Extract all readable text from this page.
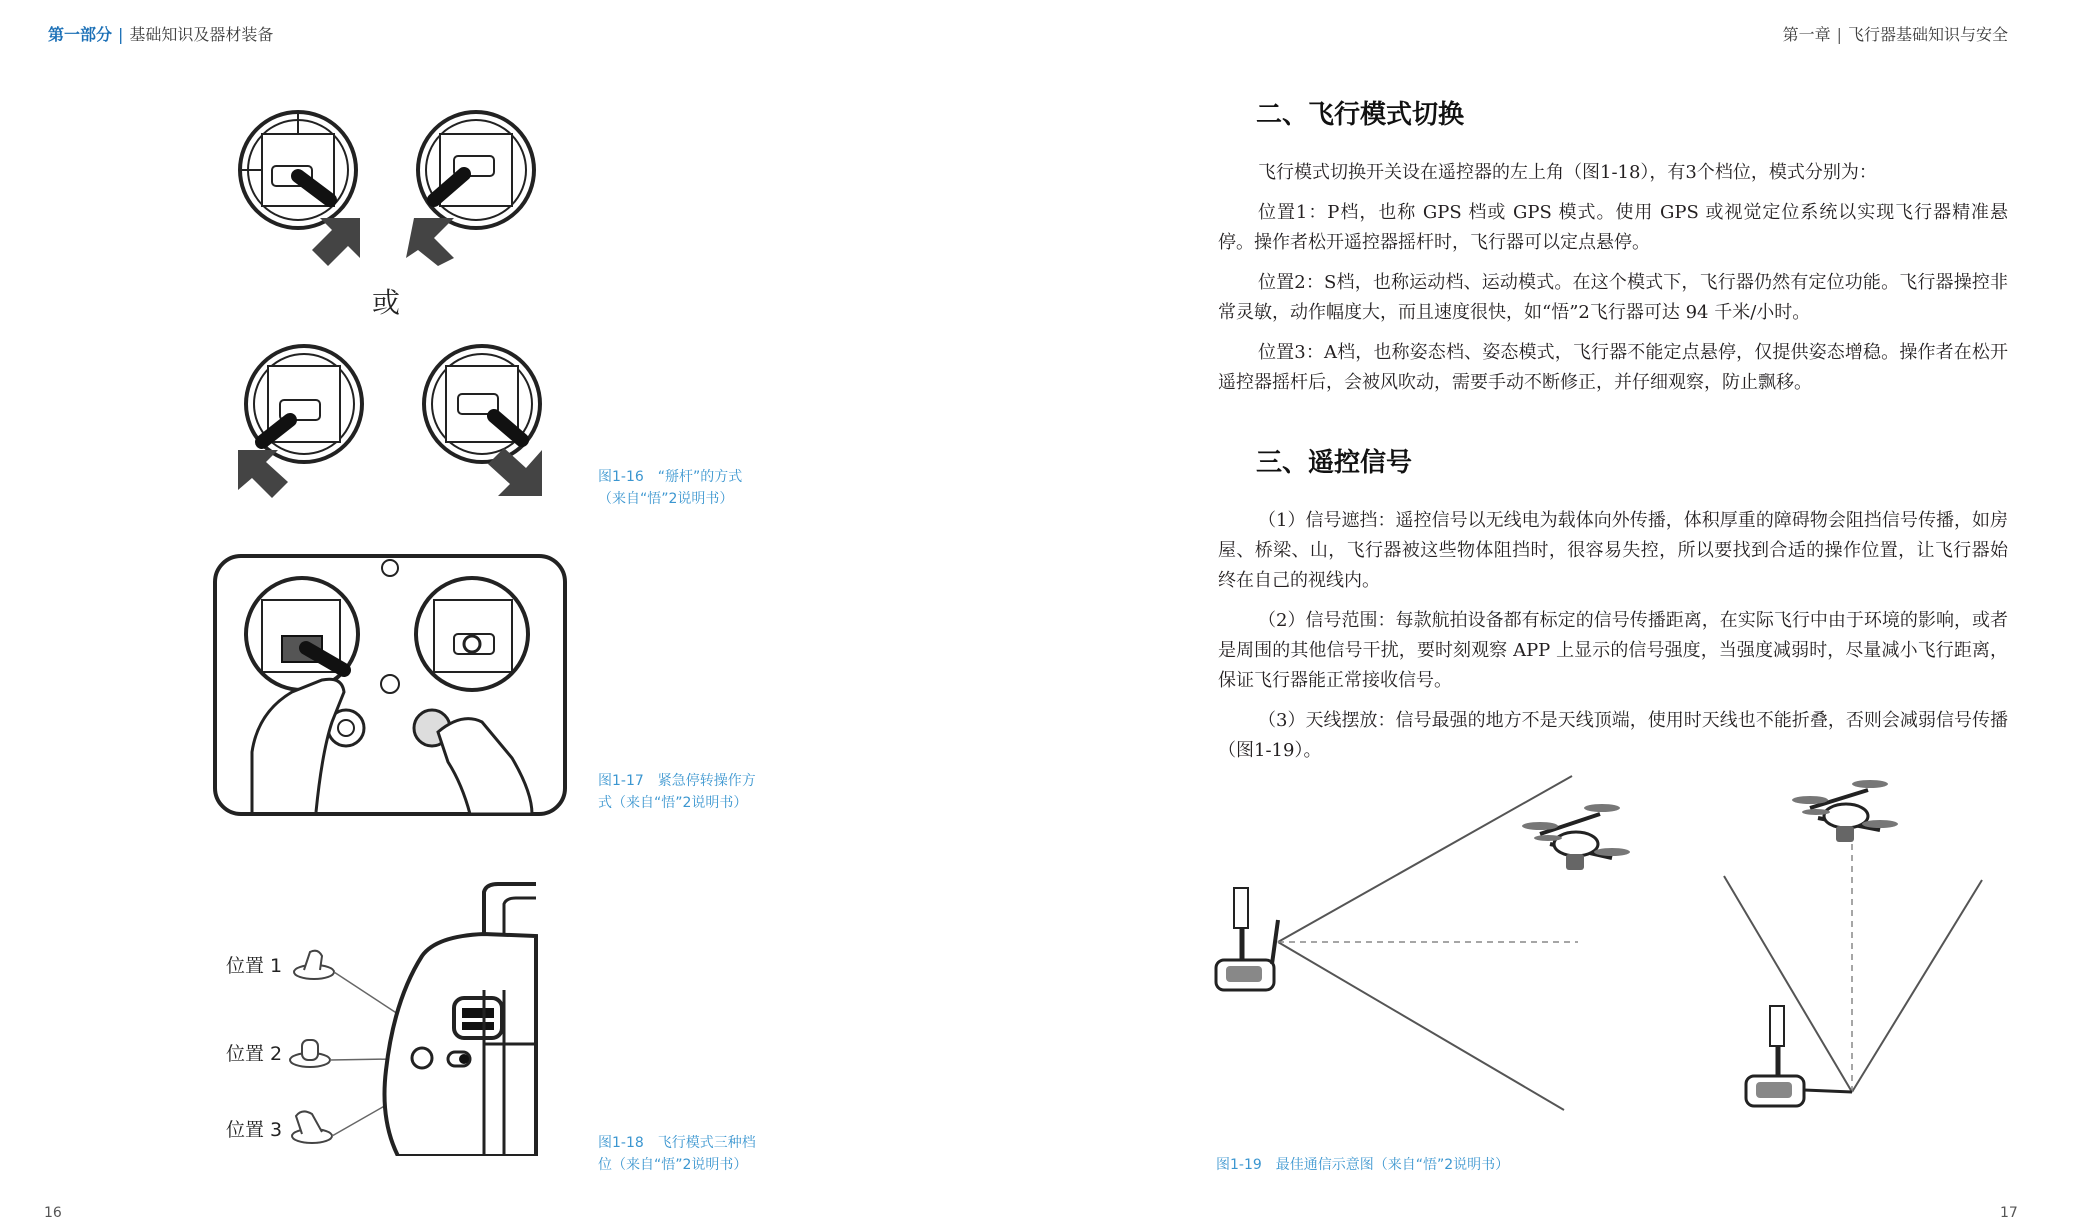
第一部分 | 基础知识及器材装备	第一章 | 飞行器基础知识与安全
或
图1-16　“掰杆”的方式
（来自“悟”2说明书）
图1-17　紧急停转操作方
式（来自“悟”2说明书）
位置 1
位置 2
位置 3
图1-18　飞行模式三种档
位（来自“悟”2说明书）
二、飞行模式切换

飞行模式切换开关设在遥控器的左上角（图1-18），有3个档位，模式分别为：

位置1：P档，也称 GPS 档或 GPS 模式。使用 GPS 或视觉定位系统以实现飞行器精准悬停。操作者松开遥控器摇杆时，飞行器可以定点悬停。

位置2：S档，也称运动档、运动模式。在这个模式下，飞行器仍然有定位功能。飞行器操控非常灵敏，动作幅度大，而且速度很快，如“悟”2飞行器可达 94 千米/小时。

位置3：A档，也称姿态档、姿态模式，飞行器不能定点悬停，仅提供姿态增稳。操作者在松开遥控器摇杆后，会被风吹动，需要手动不断修正，并仔细观察，防止飘移。

三、遥控信号

（1）信号遮挡：遥控信号以无线电为载体向外传播，体积厚重的障碍物会阻挡信号传播，如房屋、桥梁、山，飞行器被这些物体阻挡时，很容易失控，所以要找到合适的操作位置，让飞行器始终在自己的视线内。

（2）信号范围：每款航拍设备都有标定的信号传播距离，在实际飞行中由于环境的影响，或者是周围的其他信号干扰，要时刻观察 APP 上显示的信号强度，当强度减弱时，尽量减小飞行距离，保证飞行器能正常接收信号。

（3）天线摆放：信号最强的地方不是天线顶端，使用时天线也不能折叠，否则会减弱信号传播（图1-19）。

图1-19　最佳通信示意图（来自“悟”2说明书）
16	17
